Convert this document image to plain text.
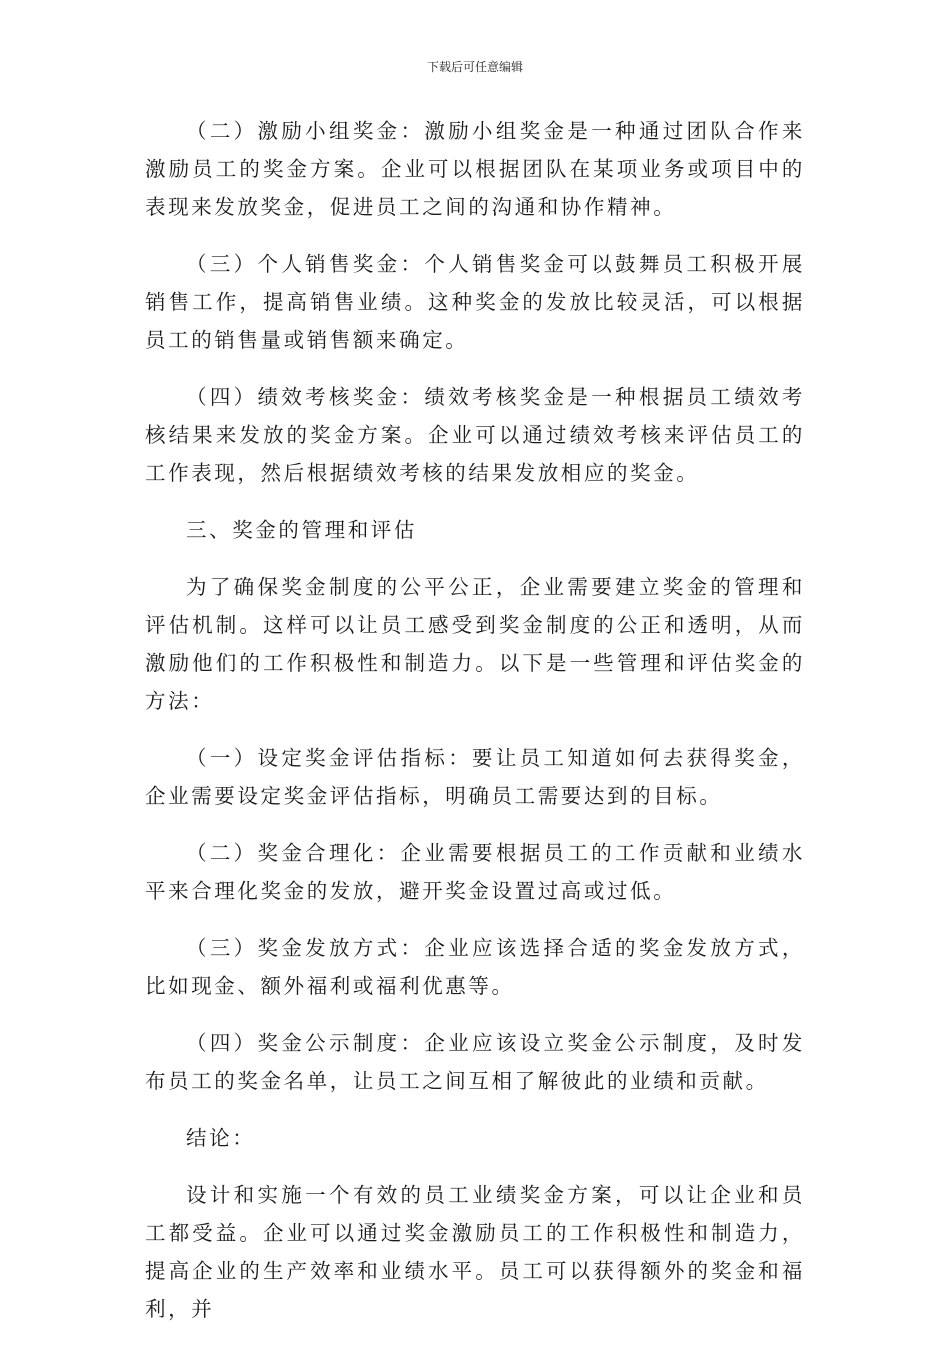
下载后可任意编辑

（二）激励小组奖金：激励小组奖金是一种通过团队合作来激励员工的奖金方案。企业可以根据团队在某项业务或项目中的表现来发放奖金，促进员工之间的沟通和协作精神。

（三）个人销售奖金：个人销售奖金可以鼓舞员工积极开展销售工作，提高销售业绩。这种奖金的发放比较灵活，可以根据员工的销售量或销售额来确定。

（四）绩效考核奖金：绩效考核奖金是一种根据员工绩效考核结果来发放的奖金方案。企业可以通过绩效考核来评估员工的工作表现，然后根据绩效考核的结果发放相应的奖金。

三、奖金的管理和评估

为了确保奖金制度的公平公正，企业需要建立奖金的管理和评估机制。这样可以让员工感受到奖金制度的公正和透明，从而激励他们的工作积极性和制造力。以下是一些管理和评估奖金的方法：

（一）设定奖金评估指标：要让员工知道如何去获得奖金，企业需要设定奖金评估指标，明确员工需要达到的目标。

（二）奖金合理化：企业需要根据员工的工作贡献和业绩水平来合理化奖金的发放，避开奖金设置过高或过低。

（三）奖金发放方式：企业应该选择合适的奖金发放方式，比如现金、额外福利或福利优惠等。

（四）奖金公示制度：企业应该设立奖金公示制度，及时发布员工的奖金名单，让员工之间互相了解彼此的业绩和贡献。

结论：

设计和实施一个有效的员工业绩奖金方案，可以让企业和员工都受益。企业可以通过奖金激励员工的工作积极性和制造力，提高企业的生产效率和业绩水平。员工可以获得额外的奖金和福利，并
